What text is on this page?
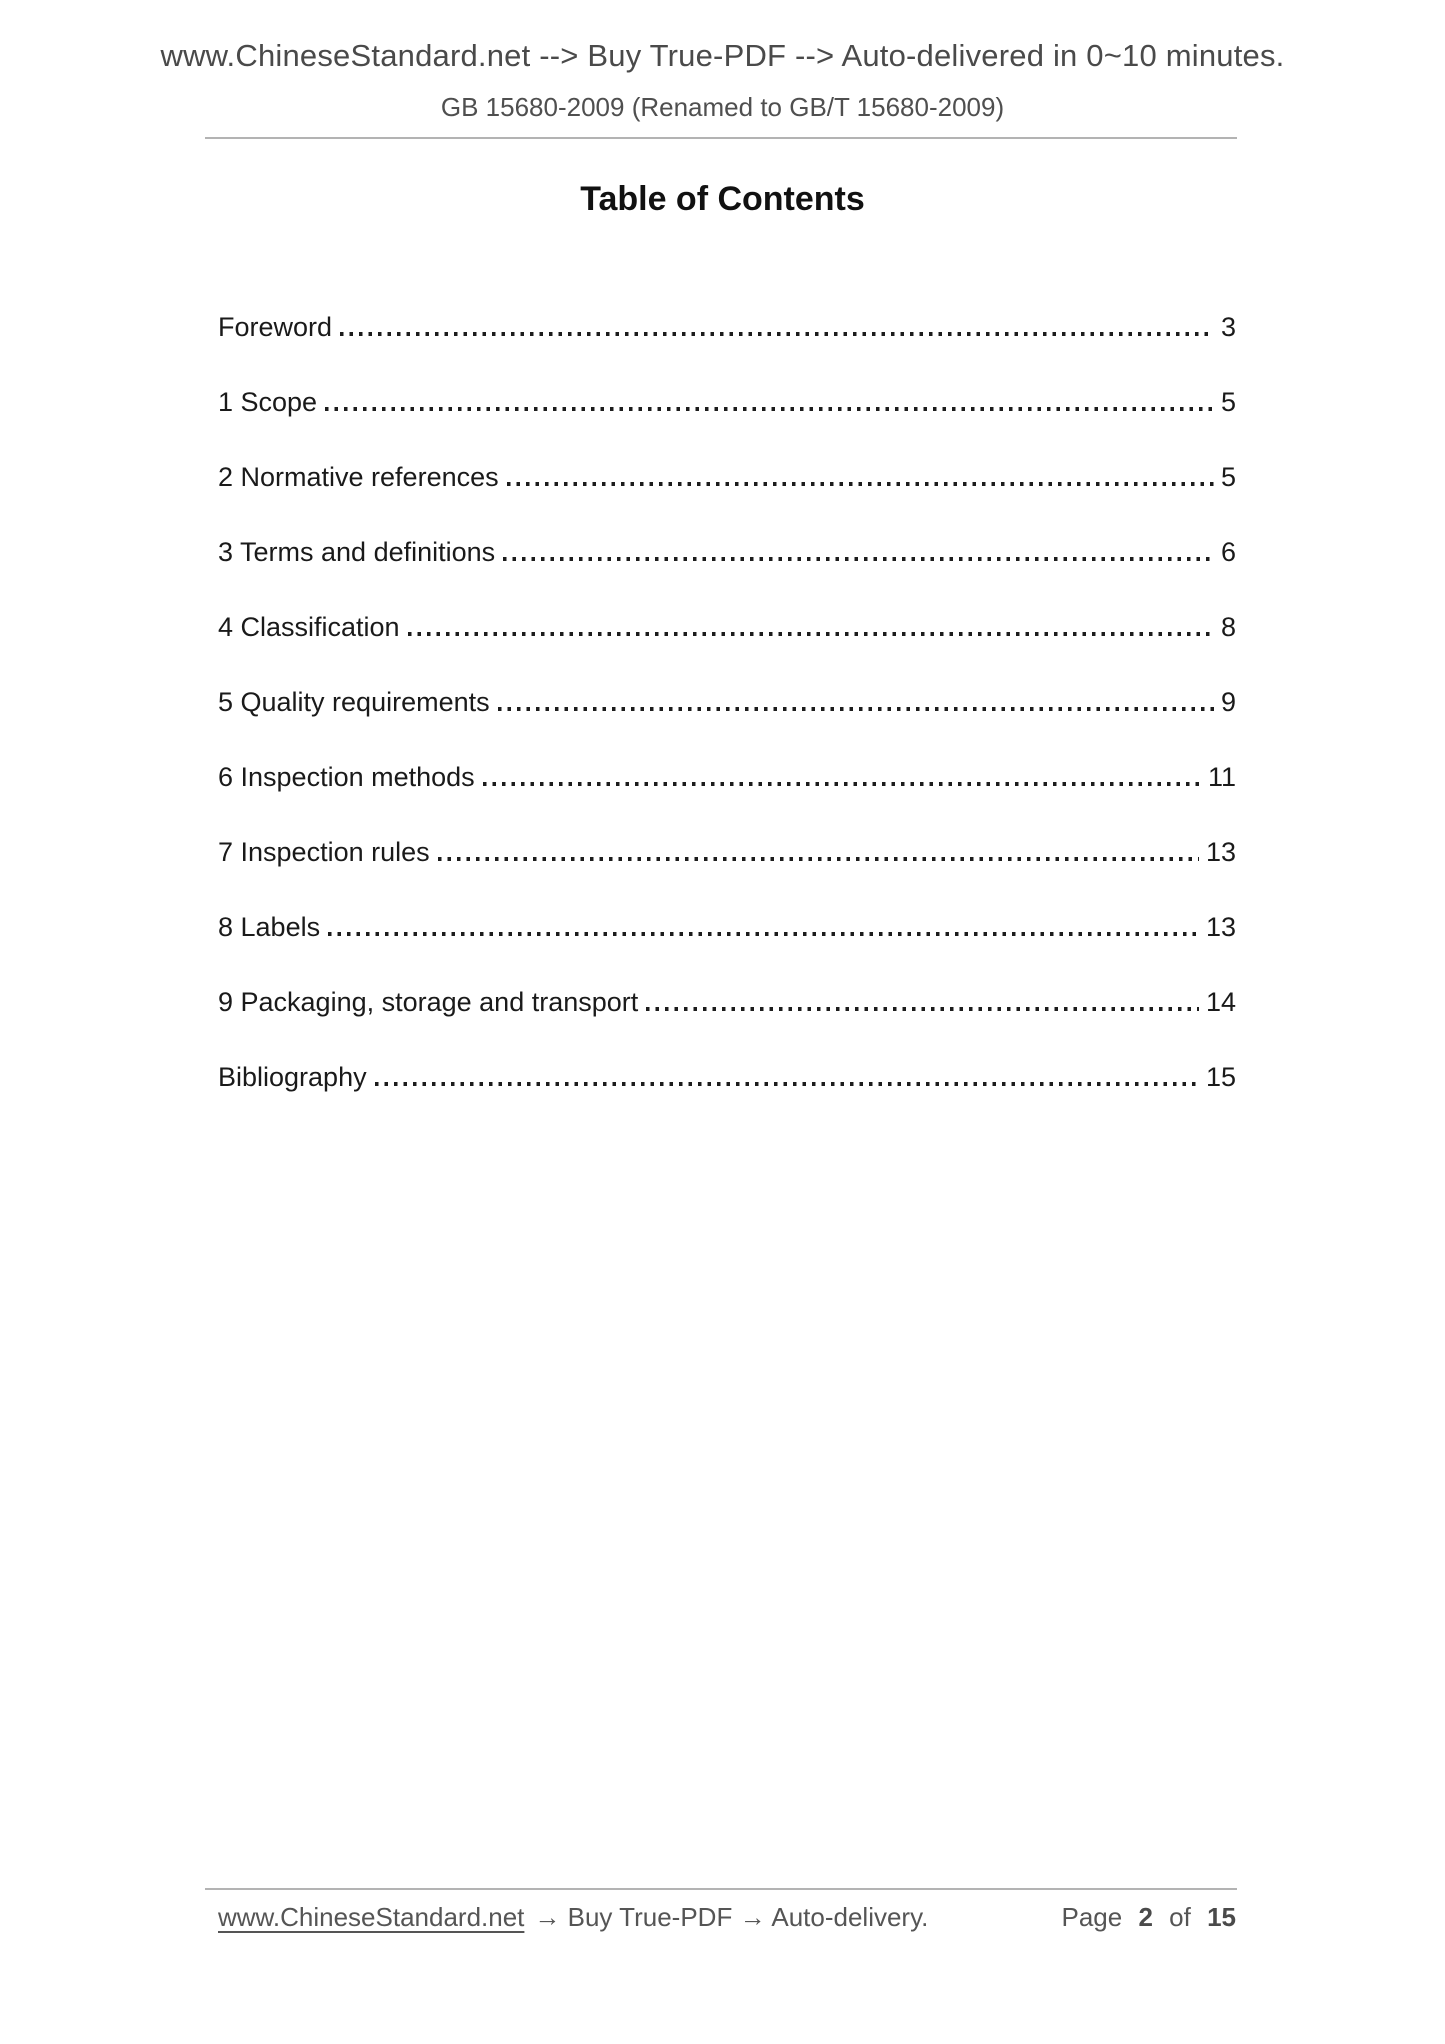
www.ChineseStandard.net --> Buy True-PDF --> Auto-delivered in 0~10 minutes.
GB 15680-2009 (Renamed to GB/T 15680-2009)
Table of Contents
Foreword	3
1 Scope	5
2 Normative references	5
3 Terms and definitions	6
4 Classification	8
5 Quality requirements	9
6 Inspection methods	11
7 Inspection rules	13
8 Labels	13
9 Packaging, storage and transport	14
Bibliography	15
www.ChineseStandard.net → Buy True-PDF → Auto-delivery.	Page 2 of 15
